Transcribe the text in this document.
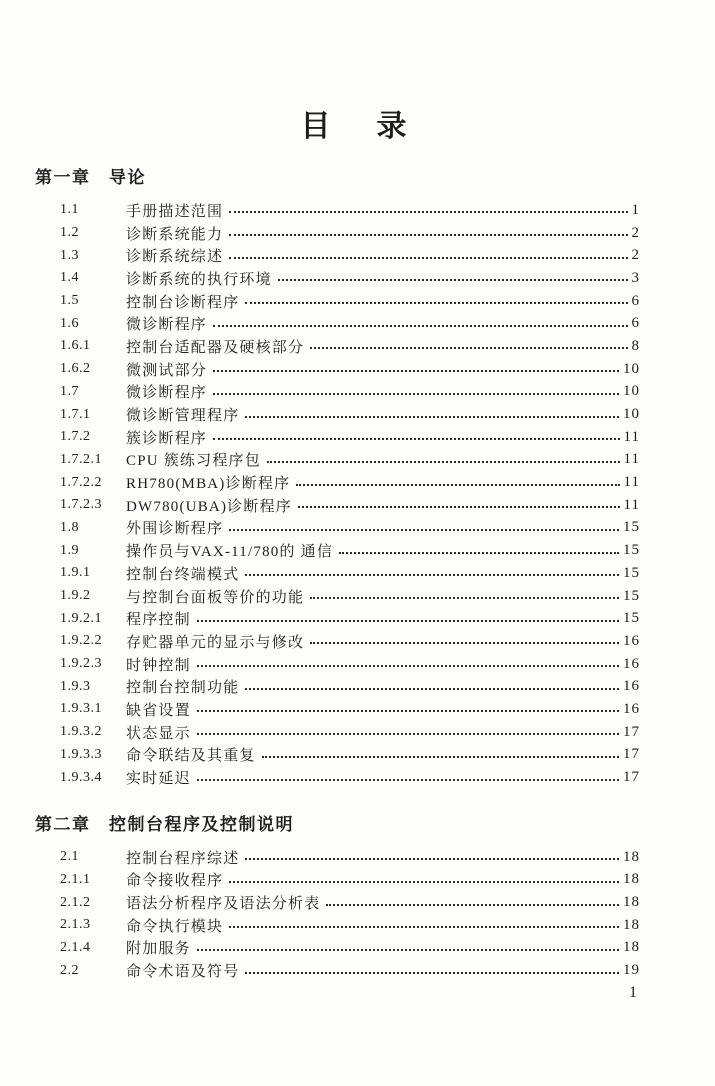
目　录
第一章　导论
1.1	手册描述范围	1
1.2	诊断系统能力	2
1.3	诊断系统综述	2
1.4	诊断系统的执行环境	3
1.5	控制台诊断程序	6
1.6	微诊断程序	6
1.6.1	控制台适配器及硬核部分	8
1.6.2	微测试部分	10
1.7	微诊断程序	10
1.7.1	微诊断管理程序	10
1.7.2	簇诊断程序	11
1.7.2.1	CPU 簇练习程序包	11
1.7.2.2	RH780(MBA)诊断程序	11
1.7.2.3	DW780(UBA)诊断程序	11
1.8	外围诊断程序	15
1.9	操作员与VAX-11/780的 通信	15
1.9.1	控制台终端模式	15
1.9.2	与控制台面板等价的功能	15
1.9.2.1	程序控制	15
1.9.2.2	存贮器单元的显示与修改	16
1.9.2.3	时钟控制	16
1.9.3	控制台控制功能	16
1.9.3.1	缺省设置	16
1.9.3.2	状态显示	17
1.9.3.3	命令联结及其重复	17
1.9.3.4	实时延迟	17
第二章　控制台程序及控制说明
2.1	控制台程序综述	18
2.1.1	命令接收程序	18
2.1.2	语法分析程序及语法分析表	18
2.1.3	命令执行模块	18
2.1.4	附加服务	18
2.2	命令术语及符号	19
1
